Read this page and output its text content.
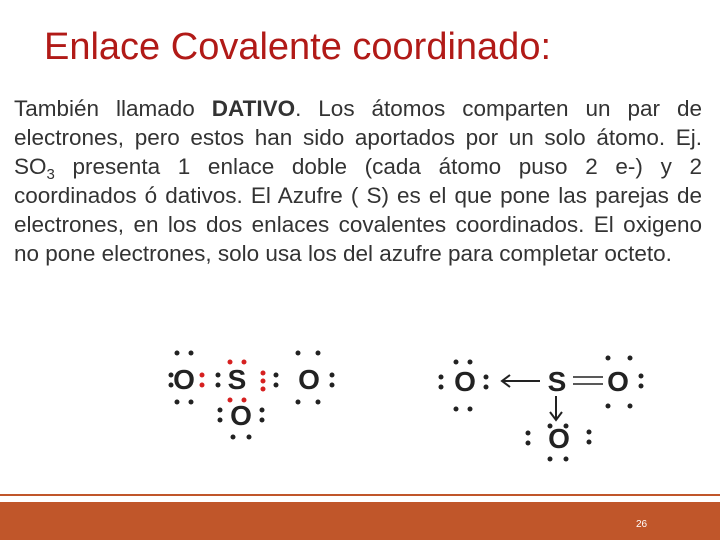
Enlace Covalente coordinado:
También llamado DATIVO. Los átomos comparten un par de electrones, pero estos han sido aportados por un solo átomo. Ej. $SO_3$ presenta 1 enlace doble (cada átomo puso 2 e-) y 2 coordinados ó dativos. El Azufre ( S) es el que pone las parejas de electrones, en los dos enlaces covalentes coordinados. El oxigeno no pone electrones, solo usa los del azufre para completar octeto.
O S O
O
O	S O
O
26
